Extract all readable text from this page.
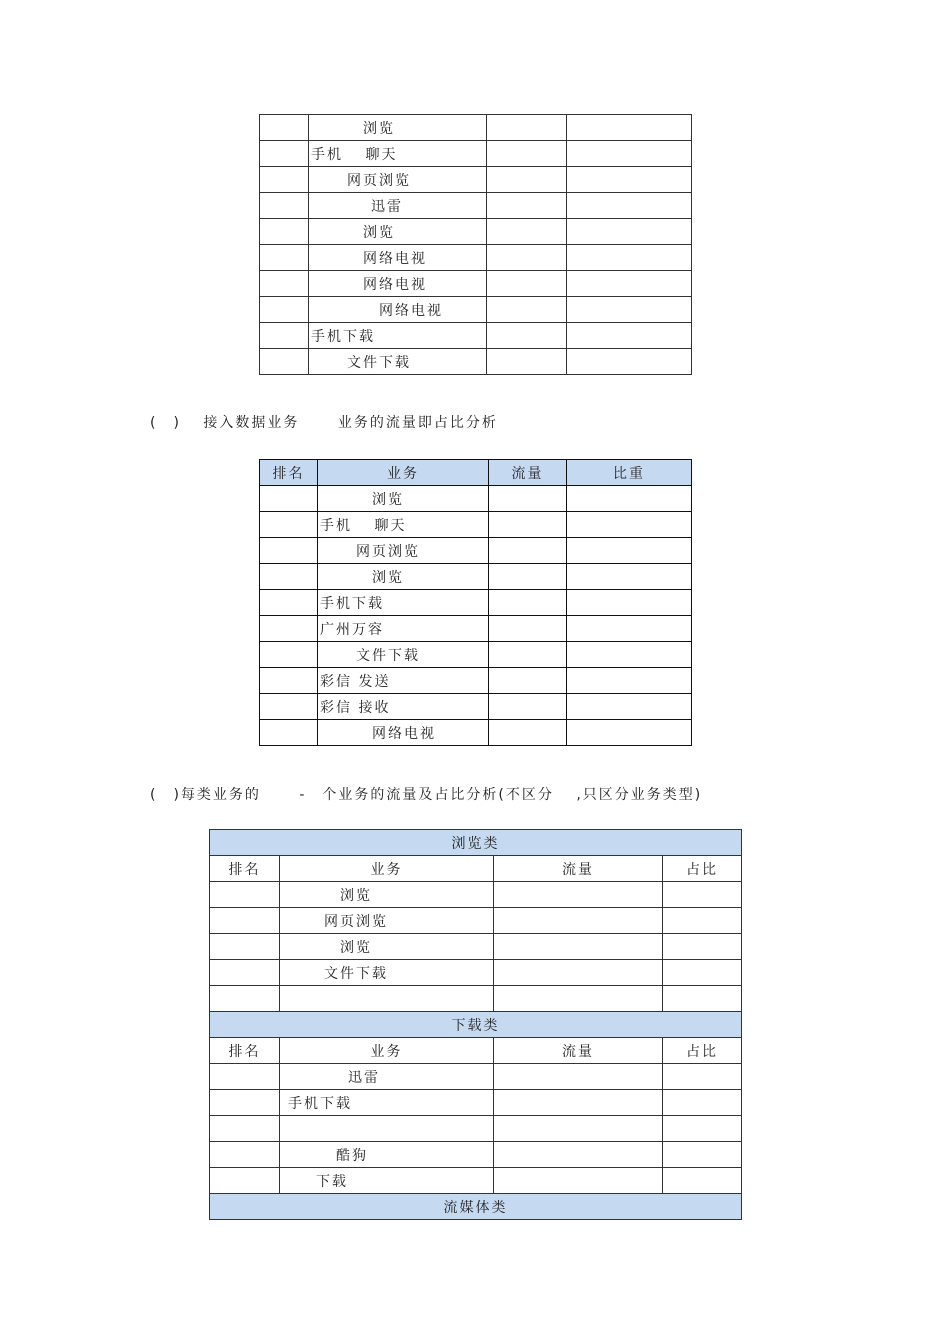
	浏览		
	手机　 聊天		
	网页浏览		
	迅雷		
	浏览		
	网络电视		
	网络电视		
	网络电视		
	手机下载		
	文件下载		

(　)　 接入数据业务　　 业务的流量即占比分析

排名	业务	流量	比重
	浏览		
	手机　 聊天		
	网页浏览		
	浏览		
	手机下载		
	广州万容		
	文件下载		
	彩信 发送		
	彩信 接收		
	网络电视		

(　)每类业务的　　 -　个业务的流量及占比分析(不区分　 ,只区分业务类型)

浏览类			
排名	业务	流量	占比
	浏览		
	网页浏览		
	浏览		
	文件下载		

下载类			
排名	业务	流量	占比
	迅雷		
	手机下载		

	酷狗		
	下载		
流媒体类			
